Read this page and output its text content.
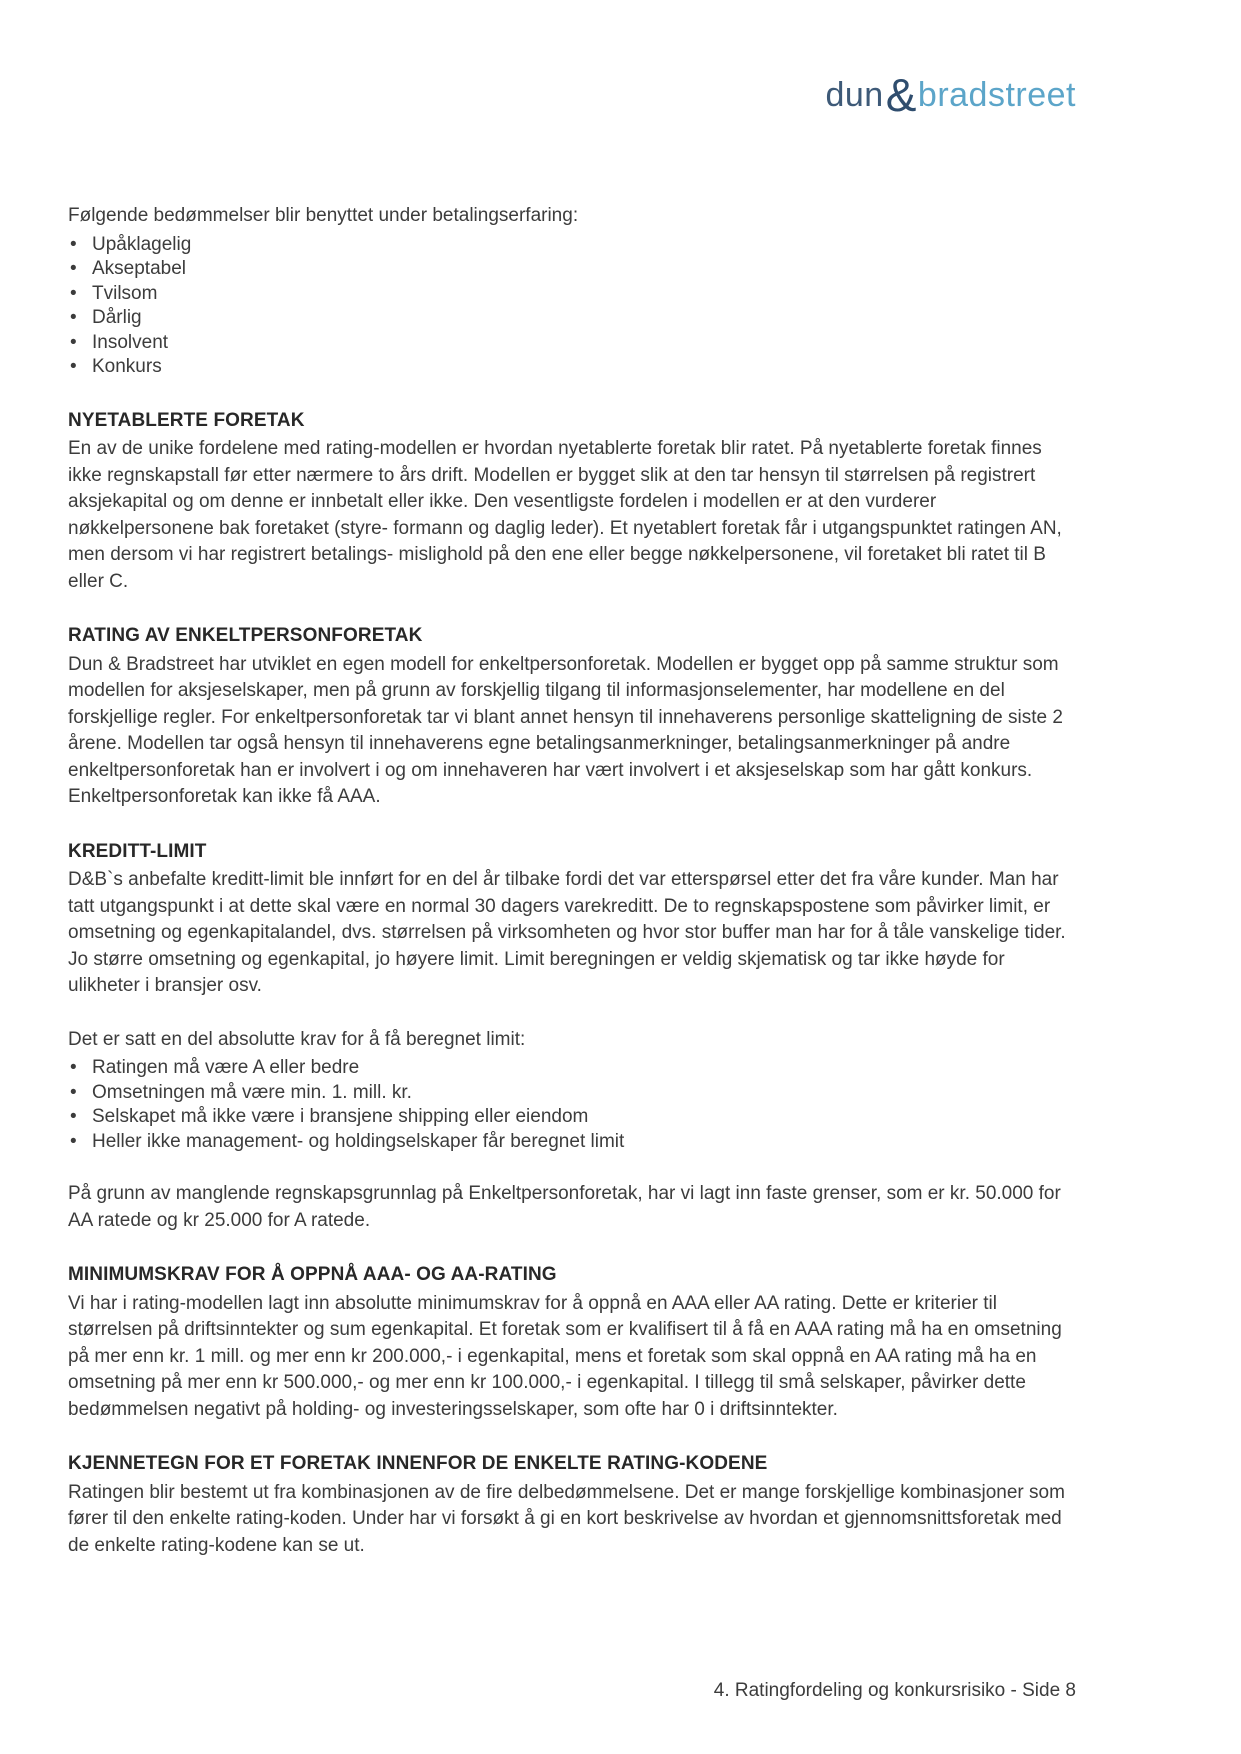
dun&bradstreet

Følgende bedømmelser blir benyttet under betalingserfaring:

• Upåklagelig
• Akseptabel
• Tvilsom
• Dårlig
• Insolvent
• Konkurs
NYETABLERTE FORETAK

En av de unike fordelene med rating-modellen er hvordan nyetablerte foretak blir ratet. På nyetablerte foretak finnes ikke regnskapstall før etter nærmere to års drift. Modellen er bygget slik at den tar hensyn til størrelsen på registrert aksjekapital og om denne er innbetalt eller ikke. Den vesentligste fordelen i modellen er at den vurderer nøkkelpersonene bak foretaket (styre- formann og daglig leder). Et nyetablert foretak får i utgangspunktet ratingen AN, men dersom vi har registrert betalings- mislighold på den ene eller begge nøkkelpersonene, vil foretaket bli ratet til B eller C.

RATING AV ENKELTPERSONFORETAK

Dun & Bradstreet har utviklet en egen modell for enkeltpersonforetak. Modellen er bygget opp på samme struktur som modellen for aksjeselskaper, men på grunn av forskjellig tilgang til informasjonselementer, har modellene en del forskjellige regler. For enkeltpersonforetak tar vi blant annet hensyn til innehaverens personlige skatteligning de siste 2 årene. Modellen tar også hensyn til innehaverens egne betalingsanmerkninger, betalingsanmerkninger på andre enkeltpersonforetak han er involvert i og om innehaveren har vært involvert i et aksjeselskap som har gått konkurs. Enkeltpersonforetak kan ikke få AAA.

KREDITT-LIMIT

D&B`s anbefalte kreditt-limit ble innført for en del år tilbake fordi det var etterspørsel etter det fra våre kunder. Man har tatt utgangspunkt i at dette skal være en normal 30 dagers varekreditt. De to regnskapspostene som påvirker limit, er omsetning og egenkapitalandel, dvs. størrelsen på virksomheten og hvor stor buffer man har for å tåle vanskelige tider. Jo større omsetning og egenkapital, jo høyere limit. Limit beregningen er veldig skjematisk og tar ikke høyde for ulikheter i bransjer osv.

Det er satt en del absolutte krav for å få beregnet limit:

• Ratingen må være A eller bedre
• Omsetningen må være min. 1. mill. kr.
• Selskapet må ikke være i bransjene shipping eller eiendom
• Heller ikke management- og holdingselskaper får beregnet limit

På grunn av manglende regnskapsgrunnlag på Enkeltpersonforetak, har vi lagt inn faste grenser, som er kr. 50.000 for AA ratede og kr 25.000 for A ratede.

MINIMUMSKRAV FOR Å OPPNÅ AAA- OG AA-RATING

Vi har i rating-modellen lagt inn absolutte minimumskrav for å oppnå en AAA eller AA rating. Dette er kriterier til størrelsen på driftsinntekter og sum egenkapital. Et foretak som er kvalifisert til å få en AAA rating må ha en omsetning på mer enn kr. 1 mill. og mer enn kr 200.000,- i egenkapital, mens et foretak som skal oppnå en AA rating må ha en omsetning på mer enn kr 500.000,- og mer enn kr 100.000,- i egenkapital. I tillegg til små selskaper, påvirker dette bedømmelsen negativt på holding- og investeringsselskaper, som ofte har 0 i driftsinntekter.

KJENNETEGN FOR ET FORETAK INNENFOR DE ENKELTE RATING-KODENE

Ratingen blir bestemt ut fra kombinasjonen av de fire delbedømmelsene. Det er mange forskjellige kombinasjoner som fører til den enkelte rating-koden. Under har vi forsøkt å gi en kort beskrivelse av hvordan et gjennomsnittsforetak med de enkelte rating-kodene kan se ut.

4. Ratingfordeling og konkursrisiko - Side 8
